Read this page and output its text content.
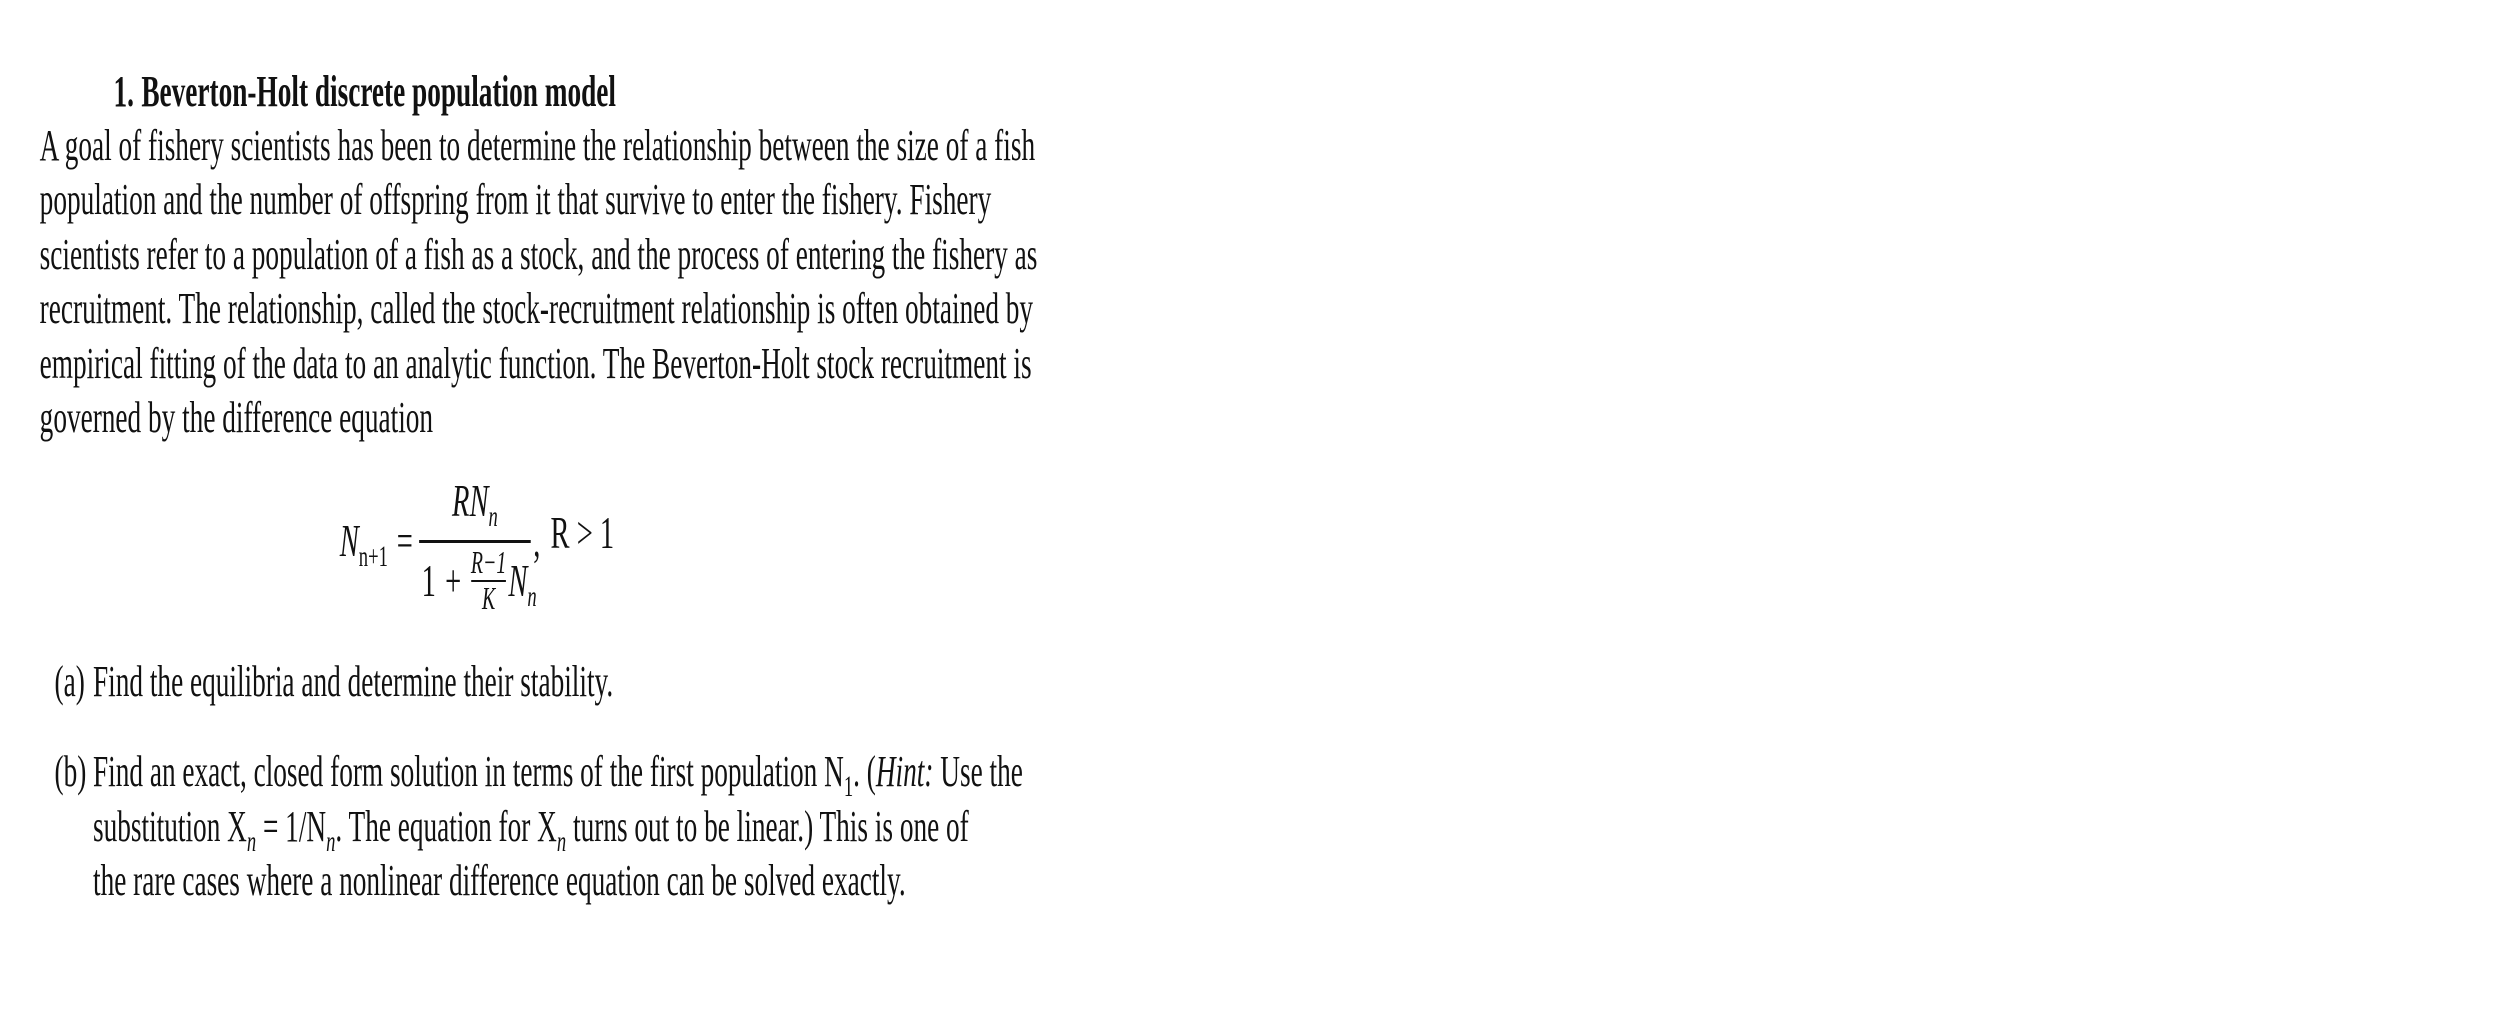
1. Beverton-Holt discrete population model

A goal of fishery scientists has been to determine the relationship between the size of a fish

population and the number of offspring from it that survive to enter the fishery. Fishery

scientists refer to a population of a fish as a stock, and the process of entering the fishery as

recruitment. The relationship, called the stock-recruitment relationship is often obtained by

empirical fitting of the data to an analytic function. The Beverton-Holt stock recruitment is

governed by the difference equation

$N_{n+1}$ =
$RN_n$
1 + R−1
K $N_n$
, R > 1
(a) Find the equilibria and determine their stability.
(b) Find an exact, closed form solution in terms of the first population $N_1$. (Hint: Use the
substitution $X_n = 1/N_n$. The equation for $X_n$ turns out to be linear.) This is one of
the rare cases where a nonlinear difference equation can be solved exactly.
